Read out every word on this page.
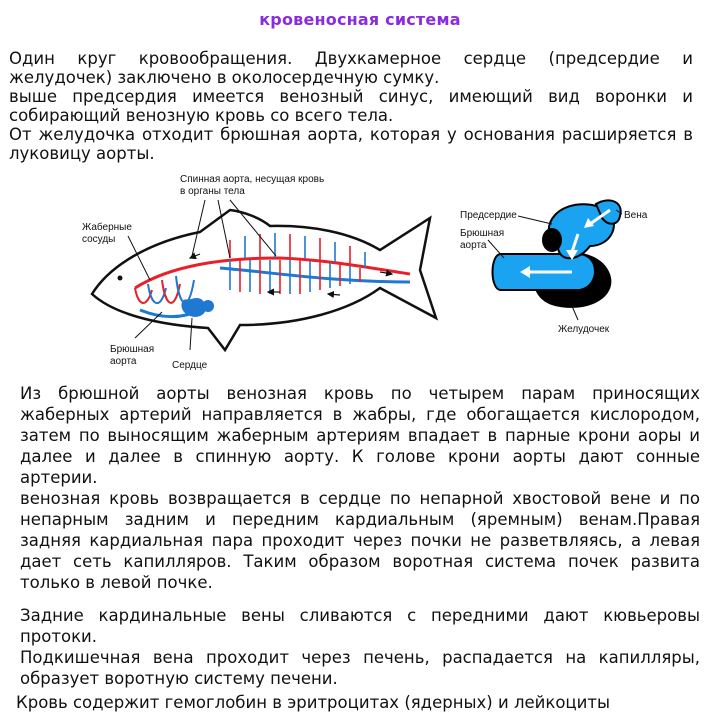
кровеносная система
Один круг кровообращения. Двухкамерное сердце (предсердие и желудочек) заключено в околосердечную сумку.
выше предсердия имеется венозный синус, имеющий вид воронки и собирающий венозную кровь со всего тела.
От желудочка отходит брюшная аорта, которая у основания расширяется в луковицу аорты.
Спинная аорта, несущая кровь
в органы тела
Жаберные
сосуды
Брюшная
аорта	Сердце
Предсердие	Вена
Брюшная
аорта
Желудочек
Из брюшной аорты венозная кровь по четырем парам приносящих жаберных артерий направляется в жабры, где обогащается кислородом, затем по выносящим жаберным артериям впадает в парные крони аоры и далее и далее в спинную аорту. К голове крони аорты дают сонные артерии.
венозная кровь возвращается в сердце по непарной хвостовой вене и по непарным задним и передним кардиальным (яремным) венам.Правая задняя кардиальная пара проходит через почки не разветвляясь, а левая дает сеть капилляров. Таким образом воротная система почек развита только в левой почке.
Задние кардинальные вены сливаются с передними дают кювьеровы протоки.
Подкишечная вена проходит через печень, распадается на капилляры, образует воротную систему печени.
Кровь содержит гемоглобин в эритроцитах (ядерных) и лейкоциты
